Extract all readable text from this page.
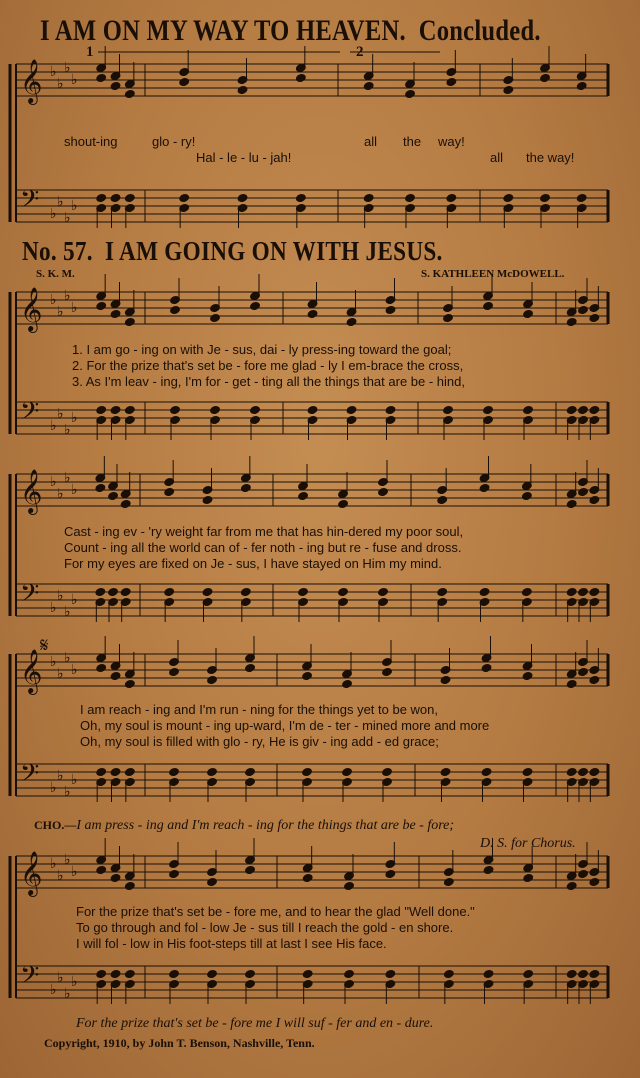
I AM ON MY WAY TO HEAVEN. Concluded.
𝄞 ♭
♭
♭
♭
𝄢 ♭
♭
♭
♭
𝄞 ♭
♭
♭
♭
𝄢 ♭
♭
♭
♭
𝄞 ♭
♭
♭
♭
𝄢 ♭
♭
♭
♭
𝄞 ♭
♭
♭
♭
𝄢 ♭
♭
♭
♭
𝄞 ♭
♭
♭
♭
𝄢 ♭
♭
♭
♭
𝄋
1	2
shout-ing	glo - ry!	all the way!
Hal - le - lu - jah!	all the way!
No. 57. I AM GOING ON WITH JESUS.
S. K. M.	S. KATHLEEN McDOWELL.
1. I am go - ing on with Je - sus, dai - ly press-ing toward the goal;
2. For the prize that's set be - fore me glad - ly I em-brace the cross,
3. As I'm leav - ing, I'm for - get - ting all the things that are be - hind,
Cast - ing ev - 'ry weight far from me that has hin-dered my poor soul,
Count - ing all the world can of - fer noth - ing but re - fuse and dross.
For my eyes are fixed on Je - sus, I have stayed on Him my mind.
I am reach - ing and I'm run - ning for the things yet to be won,
Oh, my soul is mount - ing up-ward, I'm de - ter - mined more and more
Oh, my soul is filled with glo - ry, He is giv - ing add - ed grace;
CHO.—I am press - ing and I'm reach - ing for the things that are be - fore;
D. S. for Chorus.
For the prize that's set be - fore me, and to hear the glad "Well done."
To go through and fol - low Je - sus till I reach the gold - en shore.
I will fol - low in His foot-steps till at last I see His face.
For the prize that's set be - fore me I will suf - fer and en - dure.
Copyright, 1910, by John T. Benson, Nashville, Tenn.
